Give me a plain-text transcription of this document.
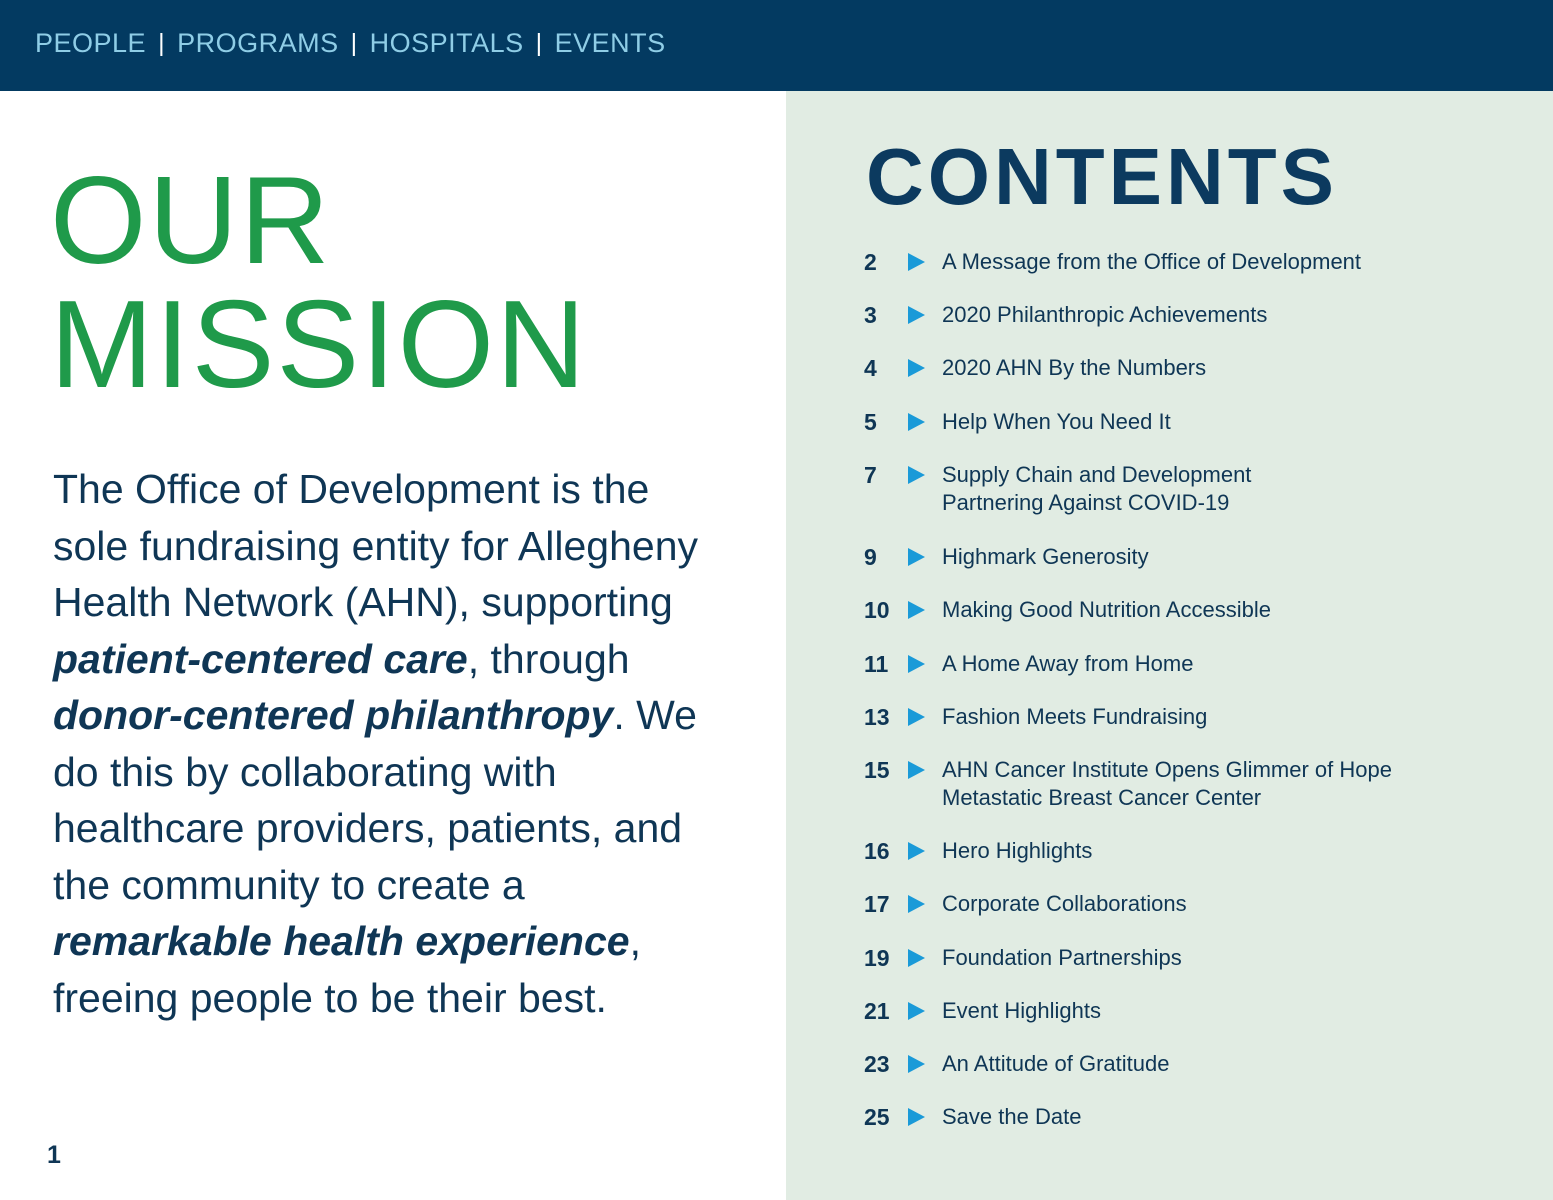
PEOPLE | PROGRAMS | HOSPITALS | EVENTS
OUR
MISSION

The Office of Development is the sole fundraising entity for Allegheny Health Network (AHN), supporting patient-centered care, through donor-centered philanthropy. We do this by collaborating with healthcare providers, patients, and the community to create a remarkable health experience, freeing people to be their best.

1
CONTENTS
2	A Message from the Office of Development
3	2020 Philanthropic Achievements
4	2020 AHN By the Numbers
5	Help When You Need It
7	Supply Chain and Development
Partnering Against COVID-19
9	Highmark Generosity
10	Making Good Nutrition Accessible
11	A Home Away from Home
13	Fashion Meets Fundraising
15	AHN Cancer Institute Opens Glimmer of Hope
Metastatic Breast Cancer Center
16	Hero Highlights
17	Corporate Collaborations
19	Foundation Partnerships
21	Event Highlights
23	An Attitude of Gratitude
25	Save the Date
